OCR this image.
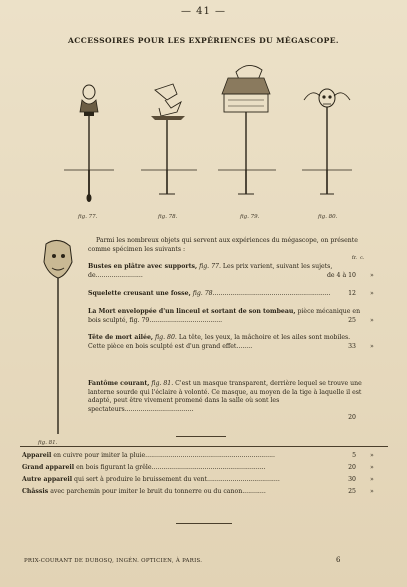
— 41 —
ACCESSOIRES POUR LES EXPÉRIENCES DU MÉGASCOPE.
fig. 77.	fig. 78.	fig. 79.	fig. 80.
fig. 81.
Parmi les nombreux objets qui servent aux expériences du mégascope, on présente comme spécimen les suivants :
fr. c.
Bustes en plâtre avec supports, fig. 77. Les prix varient, suivant les sujets, de........................	de 4 à 10 »
Squelette creusant une fosse, fig. 78............................................................	12 »
La Mort enveloppée d'un linceul et sortant de son tombeau, pièce mécanique en bois sculpté, fig. 79.....................................	25 »
Tête de mort ailée, fig. 80. La tête, les yeux, la mâchoire et les ailes sont mobiles. Cette pièce en bois sculpté est d'un grand effet........	33 »
Fantôme courant, fig. 81. C'est un masque transparent, derrière lequel se trouve une lanterne sourde qui l'éclaire à volonté. Ce masque, au moyen de la tige à laquelle il est adapté, peut être vivement promené dans la salle où sont les spectateurs...................................
20
Appareil en cuivre pour imiter la pluie..................................................................	5 »
Grand appareil en bois figurant la grêle..........................................................	20 »
Autre appareil qui sert à produire le bruissement du vent.....................................	30 »
Châssis avec parchemin pour imiter le bruit du tonnerre ou du canon............	25 »
PRIX-COURANT DE DUBOSQ, INGÉN. OPTICIEN, À PARIS.	6
